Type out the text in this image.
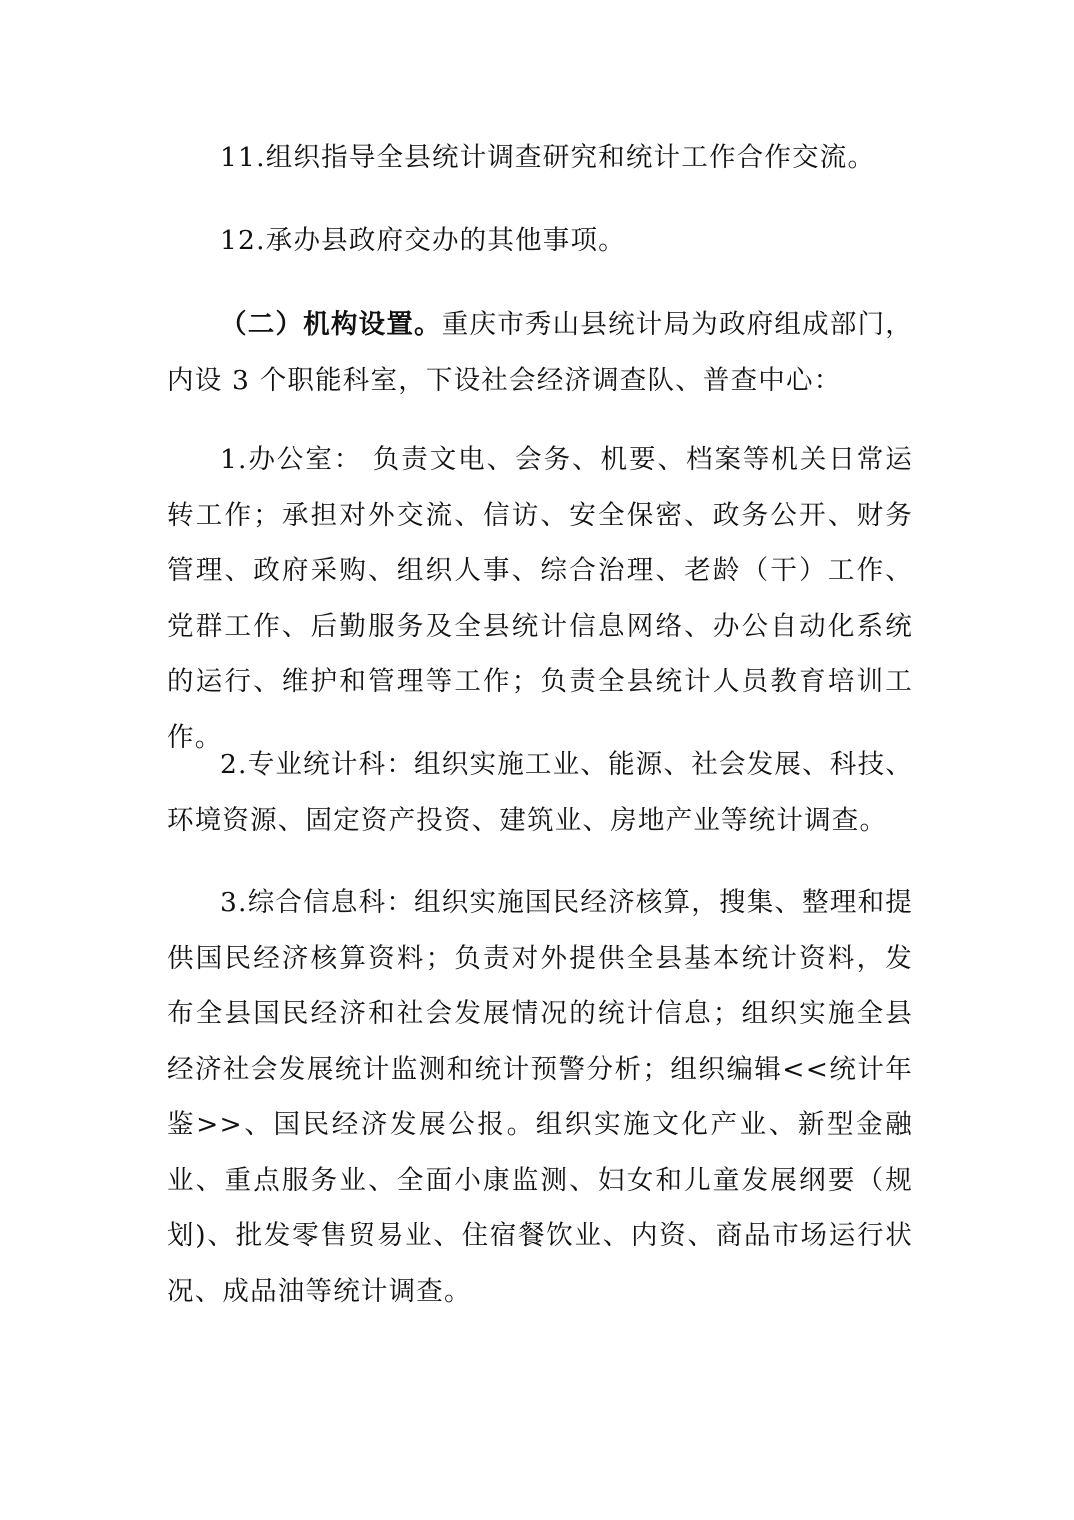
11.组织指导全县统计调查研究和统计工作合作交流。

12.承办县政府交办的其他事项。

（二）机构设置。重庆市秀山县统计局为政府组成部门，内设 3 个职能科室，下设社会经济调查队、普查中心：

1.办公室： 负责文电、会务、机要、档案等机关日常运转工作；承担对外交流、信访、安全保密、政务公开、财务管理、政府采购、组织人事、综合治理、老龄（干）工作、党群工作、后勤服务及全县统计信息网络、办公自动化系统的运行、维护和管理等工作；负责全县统计人员教育培训工作。

2.专业统计科：组织实施工业、能源、社会发展、科技、环境资源、固定资产投资、建筑业、房地产业等统计调查。

3.综合信息科：组织实施国民经济核算，搜集、整理和提供国民经济核算资料；负责对外提供全县基本统计资料，发布全县国民经济和社会发展情况的统计信息；组织实施全县经济社会发展统计监测和统计预警分析；组织编辑<<统计年鉴>>、国民经济发展公报。组织实施文化产业、新型金融业、重点服务业、全面小康监测、妇女和儿童发展纲要（规划)、批发零售贸易业、住宿餐饮业、内资、商品市场运行状况、成品油等统计调查。
